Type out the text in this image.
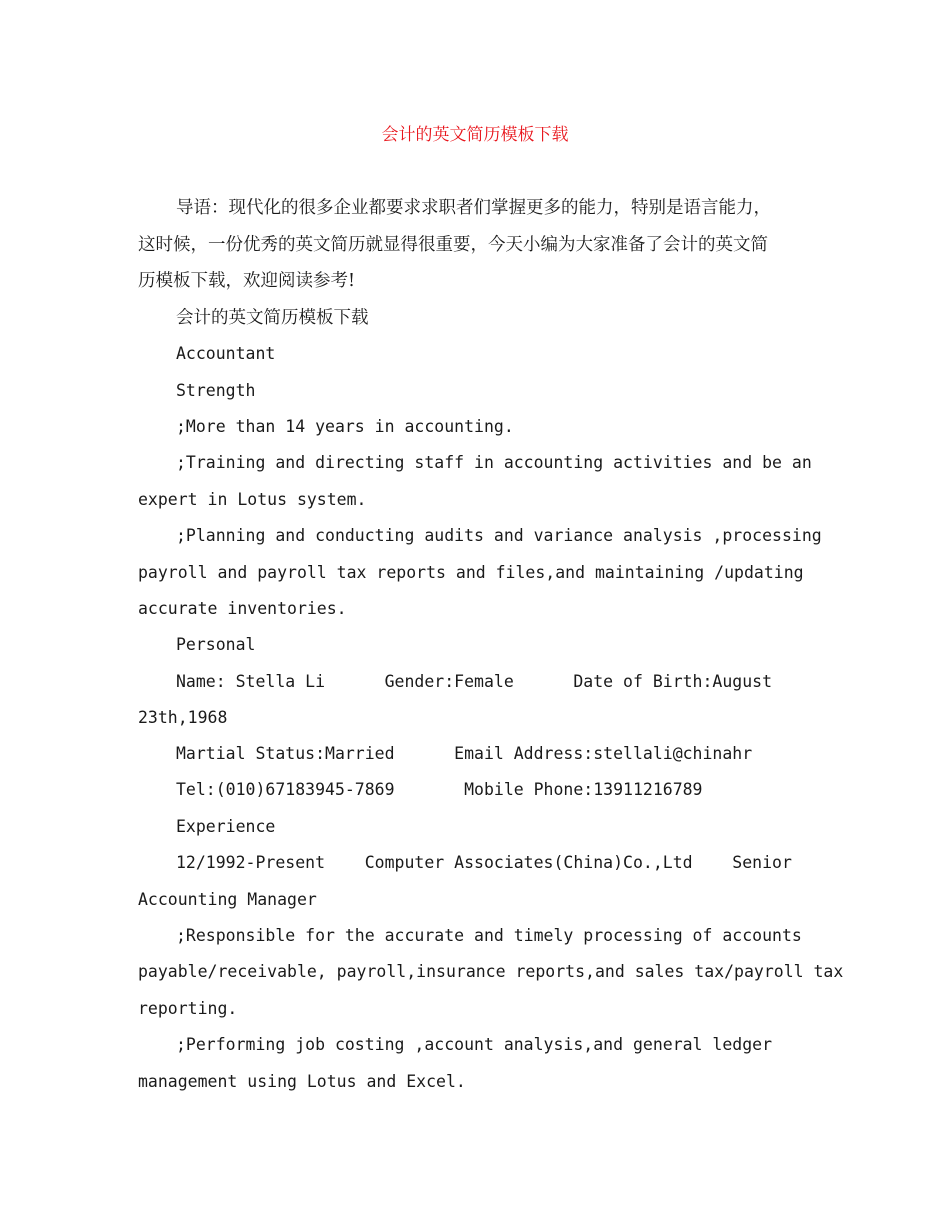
会计的英文简历模板下载
导语：现代化的很多企业都要求求职者们掌握更多的能力，特别是语言能力，
这时候，一份优秀的英文简历就显得很重要，今天小编为大家准备了会计的英文简
历模板下载，欢迎阅读参考!
会计的英文简历模板下载
Accountant
Strength
;More than 14 years in accounting.
;Training and directing staff in accounting activities and be an
expert in Lotus system.
;Planning and conducting audits and variance analysis ,processing
payroll and payroll tax reports and files,and maintaining /updating
accurate inventories.
Personal
Name: Stella Li      Gender:Female      Date of Birth:August
23th,1968
Martial Status:Married      Email Address:stellali@chinahr
Tel:(010)67183945-7869       Mobile Phone:13911216789
Experience
12/1992-Present    Computer Associates(China)Co.,Ltd    Senior
Accounting Manager
;Responsible for the accurate and timely processing of accounts
payable/receivable, payroll,insurance reports,and sales tax/payroll tax
reporting.
;Performing job costing ,account analysis,and general ledger
management using Lotus and Excel.
